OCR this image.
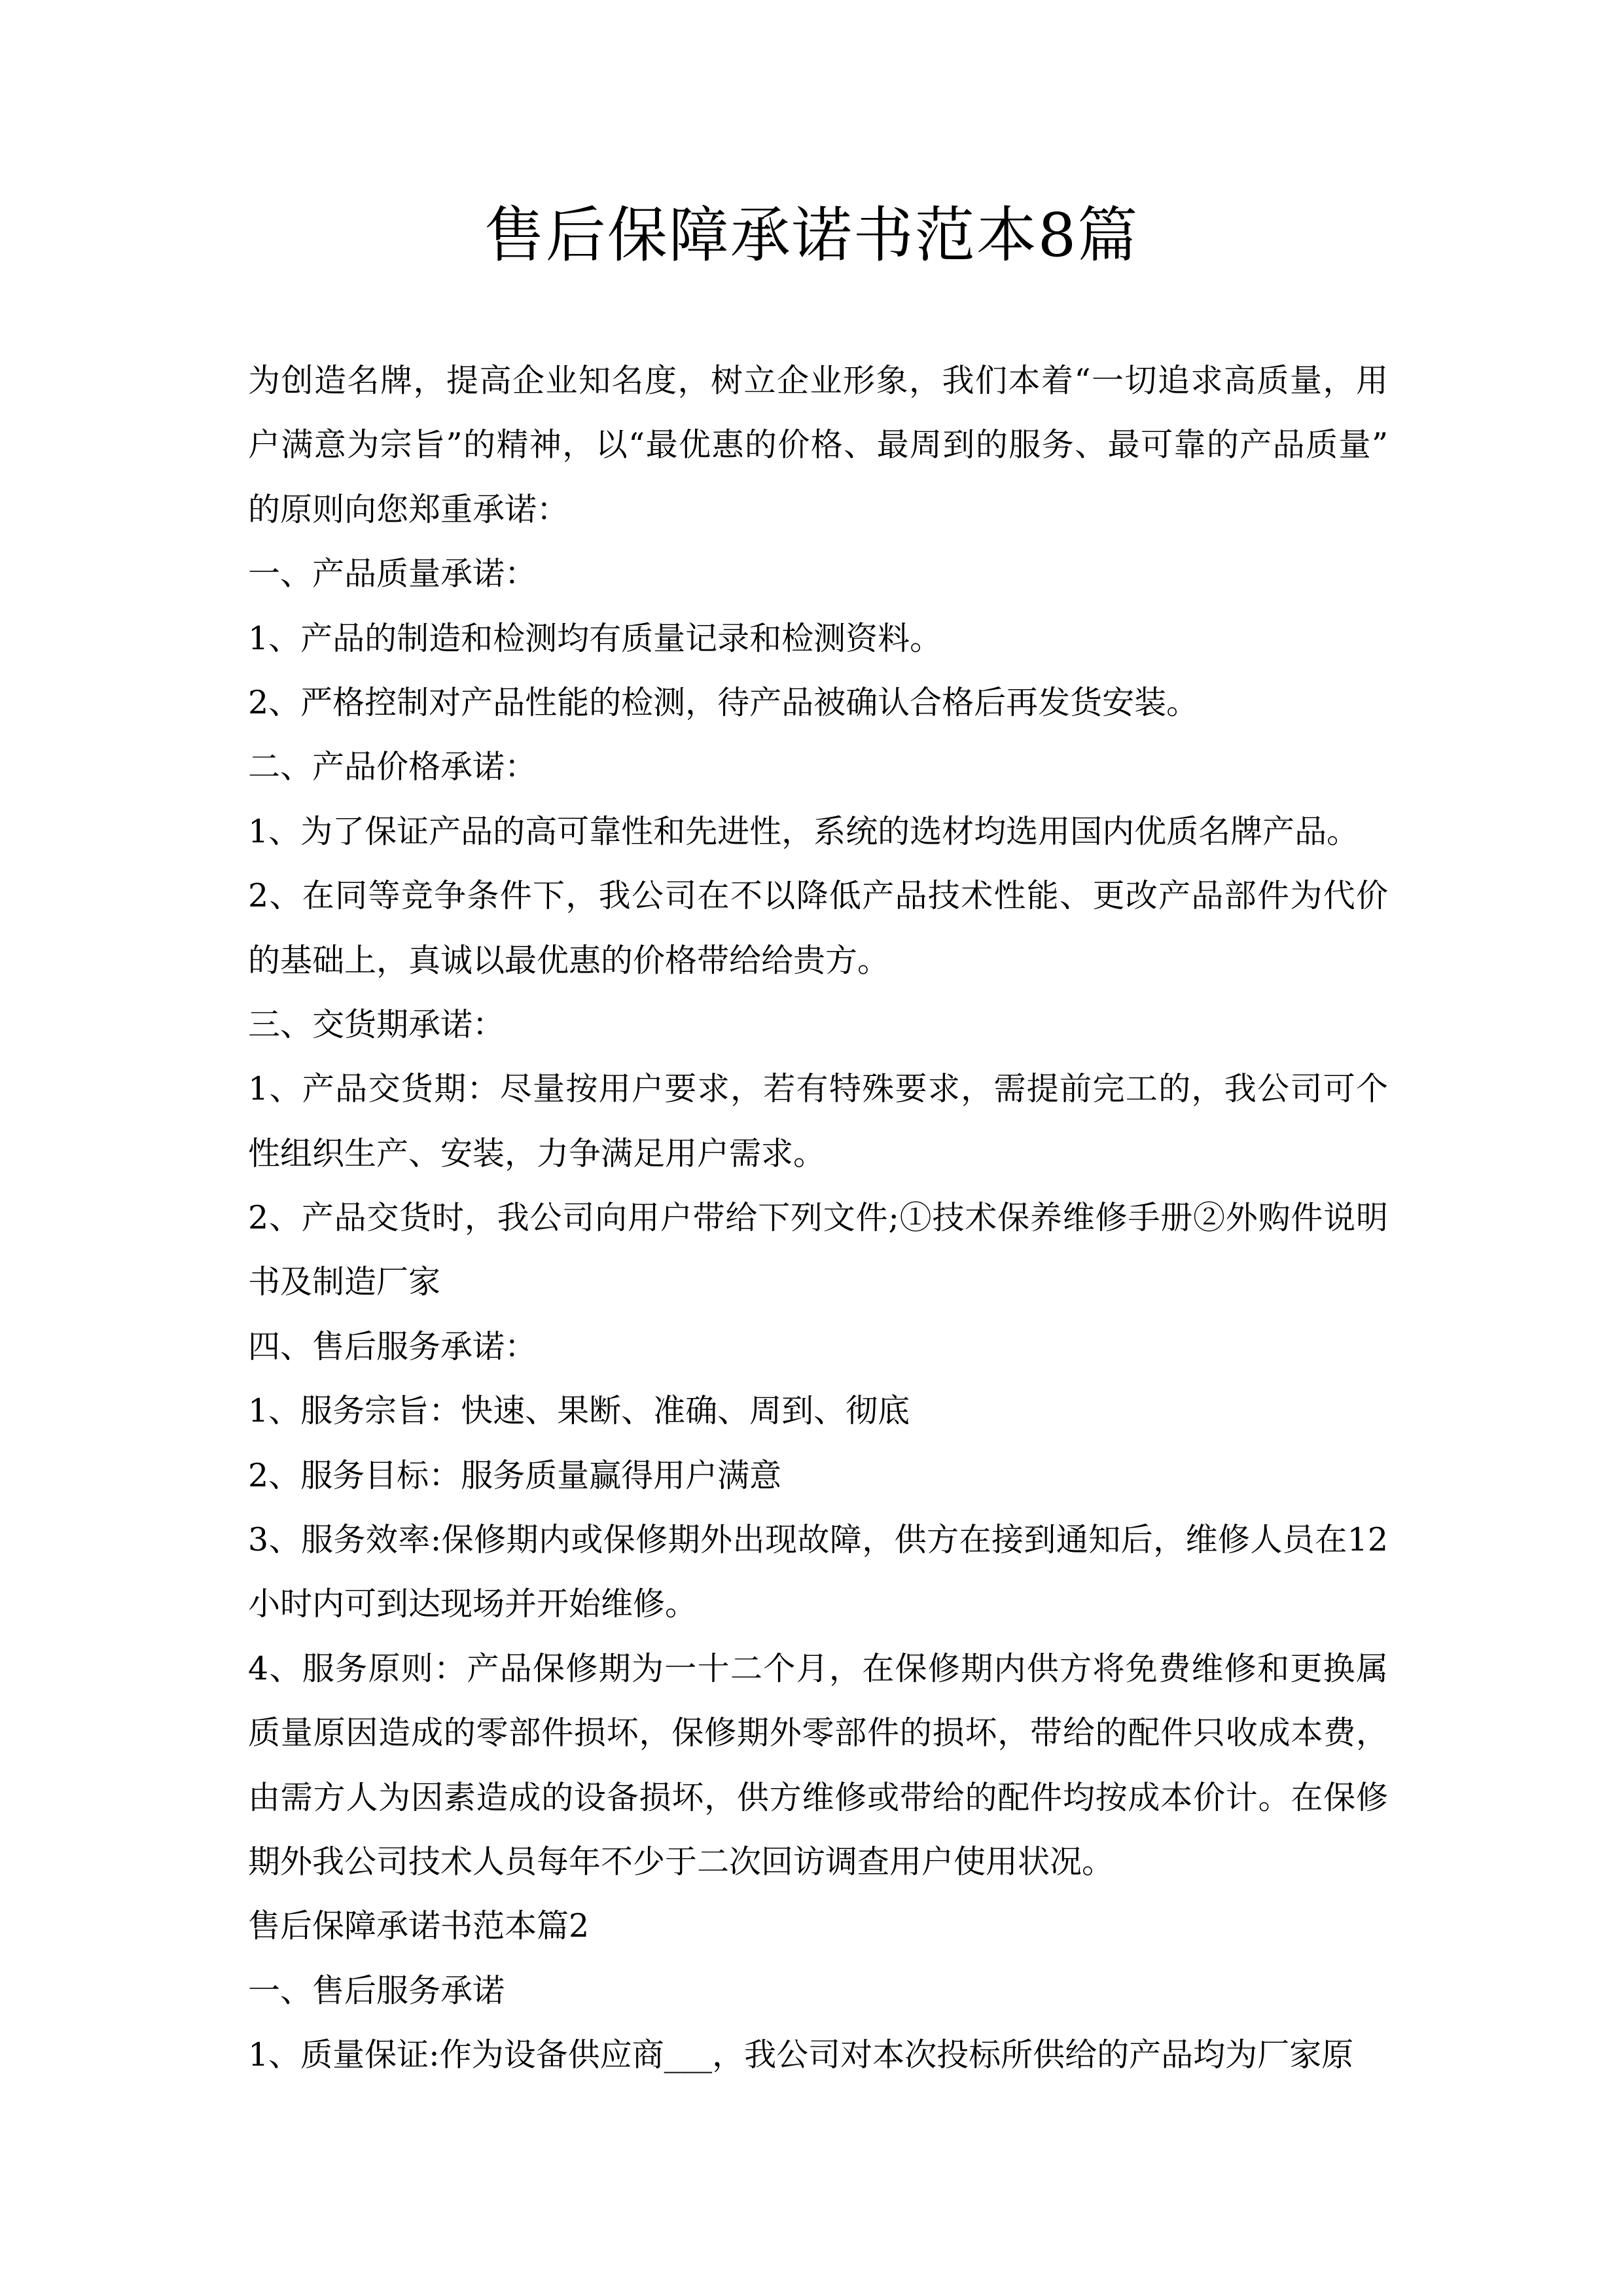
售后保障承诺书范本8篇
为创造名牌，提高企业知名度，树立企业形象，我们本着“一切追求高质量，用
户满意为宗旨”的精神，以“最优惠的价格、最周到的服务、最可靠的产品质量”
的原则向您郑重承诺：
一、产品质量承诺：
1、产品的制造和检测均有质量记录和检测资料。
2、严格控制对产品性能的检测，待产品被确认合格后再发货安装。
二、产品价格承诺：
1、为了保证产品的高可靠性和先进性，系统的选材均选用国内优质名牌产品。
2、在同等竞争条件下，我公司在不以降低产品技术性能、更改产品部件为代价
的基础上，真诚以最优惠的价格带给给贵方。
三、交货期承诺：
1、产品交货期：尽量按用户要求，若有特殊要求，需提前完工的，我公司可个
性组织生产、安装，力争满足用户需求。
2、产品交货时，我公司向用户带给下列文件;①技术保养维修手册②外购件说明
书及制造厂家
四、售后服务承诺：
1、服务宗旨：快速、果断、准确、周到、彻底
2、服务目标：服务质量赢得用户满意
3、服务效率:保修期内或保修期外出现故障，供方在接到通知后，维修人员在12
小时内可到达现场并开始维修。
4、服务原则：产品保修期为一十二个月，在保修期内供方将免费维修和更换属
质量原因造成的零部件损坏，保修期外零部件的损坏，带给的配件只收成本费，
由需方人为因素造成的设备损坏，供方维修或带给的配件均按成本价计。在保修
期外我公司技术人员每年不少于二次回访调查用户使用状况。
售后保障承诺书范本篇2
一、售后服务承诺
1、质量保证:作为设备供应商___，我公司对本次投标所供给的产品均为厂家原
